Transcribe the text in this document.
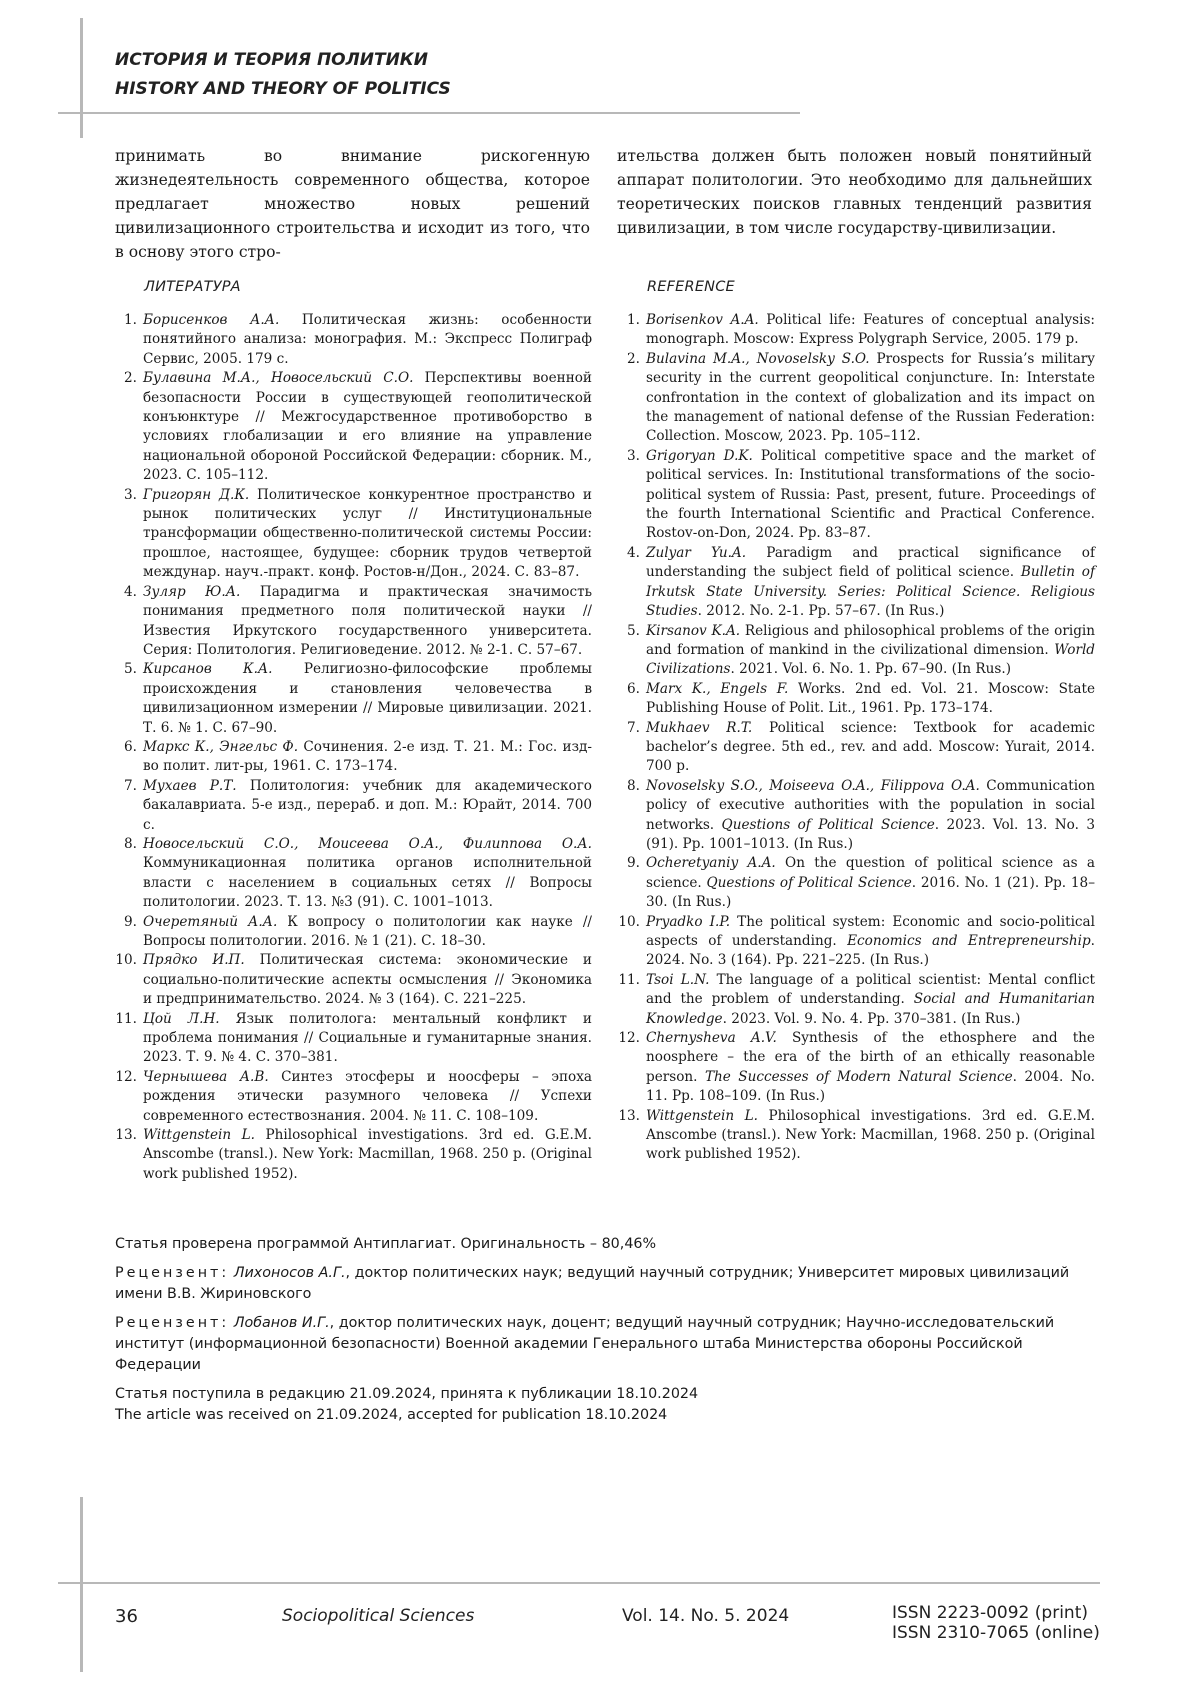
ИСТОРИЯ И ТЕОРИЯ ПОЛИТИКИ
HISTORY AND THEORY OF POLITICS

принимать во внимание рискогенную жизнедеятельность современного общества, которое предлагает множество новых решений цивилизационного строительства и исходит из того, что в основу этого стро-

ительства должен быть положен новый понятийный аппарат политологии. Это необходимо для дальнейших теоретических поисков главных тенденций развития цивилизации, в том числе государству-цивилизации.

ЛИТЕРАТУРА	REFERENCE
1. Борисенков А.А. Политическая жизнь: особенности понятийного анализа: монография. М.: Экспресс Полиграф Сервис, 2005. 179 с.
2. Булавина М.А., Новосельский С.О. Перспективы военной безопасности России в существующей геополитической конъюнктуре // Межгосударственное противоборство в условиях глобализации и его влияние на управление национальной обороной Российской Федерации: сборник. М., 2023. С. 105–112.
3. Григорян Д.К. Политическое конкурентное пространство и рынок политических услуг // Институциональные трансформации общественно-политической системы России: прошлое, настоящее, будущее: сборник трудов четвертой междунар. науч.-практ. конф. Ростов-н/Дон., 2024. С. 83–87.
4. Зуляр Ю.А. Парадигма и практическая значимость понимания предметного поля политической науки // Известия Иркутского государственного университета. Серия: Политология. Религиоведение. 2012. № 2-1. С. 57–67.
5. Кирсанов К.А. Религиозно-философские проблемы происхождения и становления человечества в цивилизационном измерении // Мировые цивилизации. 2021. Т. 6. № 1. С. 67–90.
6. Маркс К., Энгельс Ф. Сочинения. 2-е изд. Т. 21. М.: Гос. изд-во полит. лит-ры, 1961. С. 173–174.
7. Мухаев Р.Т. Политология: учебник для академического бакалавриата. 5-е изд., перераб. и доп. М.: Юрайт, 2014. 700 с.
8. Новосельский С.О., Моисеева О.А., Филиппова О.А. Коммуникационная политика органов исполнительной власти с населением в социальных сетях // Вопросы политологии. 2023. Т. 13. №3 (91). С. 1001–1013.
9. Очеретяный А.А. К вопросу о политологии как науке // Вопросы политологии. 2016. № 1 (21). С. 18–30.
10. Прядко И.П. Политическая система: экономические и социально-политические аспекты осмысления // Экономика и предпринимательство. 2024. № 3 (164). С. 221–225.
11. Цой Л.Н. Язык политолога: ментальный конфликт и проблема понимания // Социальные и гуманитарные знания. 2023. Т. 9. № 4. С. 370–381.
12. Чернышева А.В. Синтез этосферы и ноосферы – эпоха рождения этически разумного человека // Успехи современного естествознания. 2004. № 11. С. 108–109.
13. Wittgenstein L. Philosophical investigations. 3rd ed. G.E.M. Anscombe (transl.). New York: Macmillan, 1968. 250 p. (Original work published 1952).
1. Borisenkov A.A. Political life: Features of conceptual analysis: monograph. Moscow: Express Polygraph Service, 2005. 179 p.
2. Bulavina M.A., Novoselsky S.O. Prospects for Russia’s military security in the current geopolitical conjuncture. In: Interstate confrontation in the context of globalization and its impact on the management of national defense of the Russian Federation: Collection. Moscow, 2023. Pp. 105–112.
3. Grigoryan D.K. Political competitive space and the market of political services. In: Institutional transformations of the socio-political system of Russia: Past, present, future. Proceedings of the fourth International Scientific and Practical Conference. Rostov-on-Don, 2024. Pp. 83–87.
4. Zulyar Yu.A. Paradigm and practical significance of understanding the subject field of political science. Bulletin of Irkutsk State University. Series: Political Science. Religious Studies. 2012. No. 2-1. Pp. 57–67. (In Rus.)
5. Kirsanov K.A. Religious and philosophical problems of the origin and formation of mankind in the civilizational dimension. World Civilizations. 2021. Vol. 6. No. 1. Pp. 67–90. (In Rus.)
6. Marx K., Engels F. Works. 2nd ed. Vol. 21. Moscow: State Publishing House of Polit. Lit., 1961. Pp. 173–174.
7. Mukhaev R.T. Political science: Textbook for academic bachelor’s degree. 5th ed., rev. and add. Moscow: Yurait, 2014. 700 p.
8. Novoselsky S.O., Moiseeva O.A., Filippova O.A. Communication policy of executive authorities with the population in social networks. Questions of Political Science. 2023. Vol. 13. No. 3 (91). Pp. 1001–1013. (In Rus.)
9. Ocheretyaniy A.A. On the question of political science as a science. Questions of Political Science. 2016. No. 1 (21). Pp. 18–30. (In Rus.)
10. Pryadko I.P. The political system: Economic and socio-political aspects of understanding. Economics and Entrepreneurship. 2024. No. 3 (164). Pp. 221–225. (In Rus.)
11. Tsoi L.N. The language of a political scientist: Mental conflict and the problem of understanding. Social and Humanitarian Knowledge. 2023. Vol. 9. No. 4. Pp. 370–381. (In Rus.)
12. Chernysheva A.V. Synthesis of the ethosphere and the noosphere – the era of the birth of an ethically reasonable person. The Successes of Modern Natural Science. 2004. No. 11. Pp. 108–109. (In Rus.)
13. Wittgenstein L. Philosophical investigations. 3rd ed. G.E.M. Anscombe (transl.). New York: Macmillan, 1968. 250 p. (Original work published 1952).

Статья проверена программой Антиплагиат. Оригинальность – 80,46%

Рецензент: Лихоносов А.Г., доктор политических наук; ведущий научный сотрудник; Университет мировых цивилизаций имени В.В. Жириновского

Рецензент: Лобанов И.Г., доктор политических наук, доцент; ведущий научный сотрудник; Научно-исследовательский институт (информационной безопасности) Военной академии Генерального штаба Министерства обороны Российской Федерации

Статья поступила в редакцию 21.09.2024, принята к публикации 18.10.2024

The article was received on 21.09.2024, accepted for publication 18.10.2024

36	Sociopolitical Sciences	Vol. 14. No. 5. 2024	ISSN 2223-0092 (print)
ISSN 2310-7065 (online)
